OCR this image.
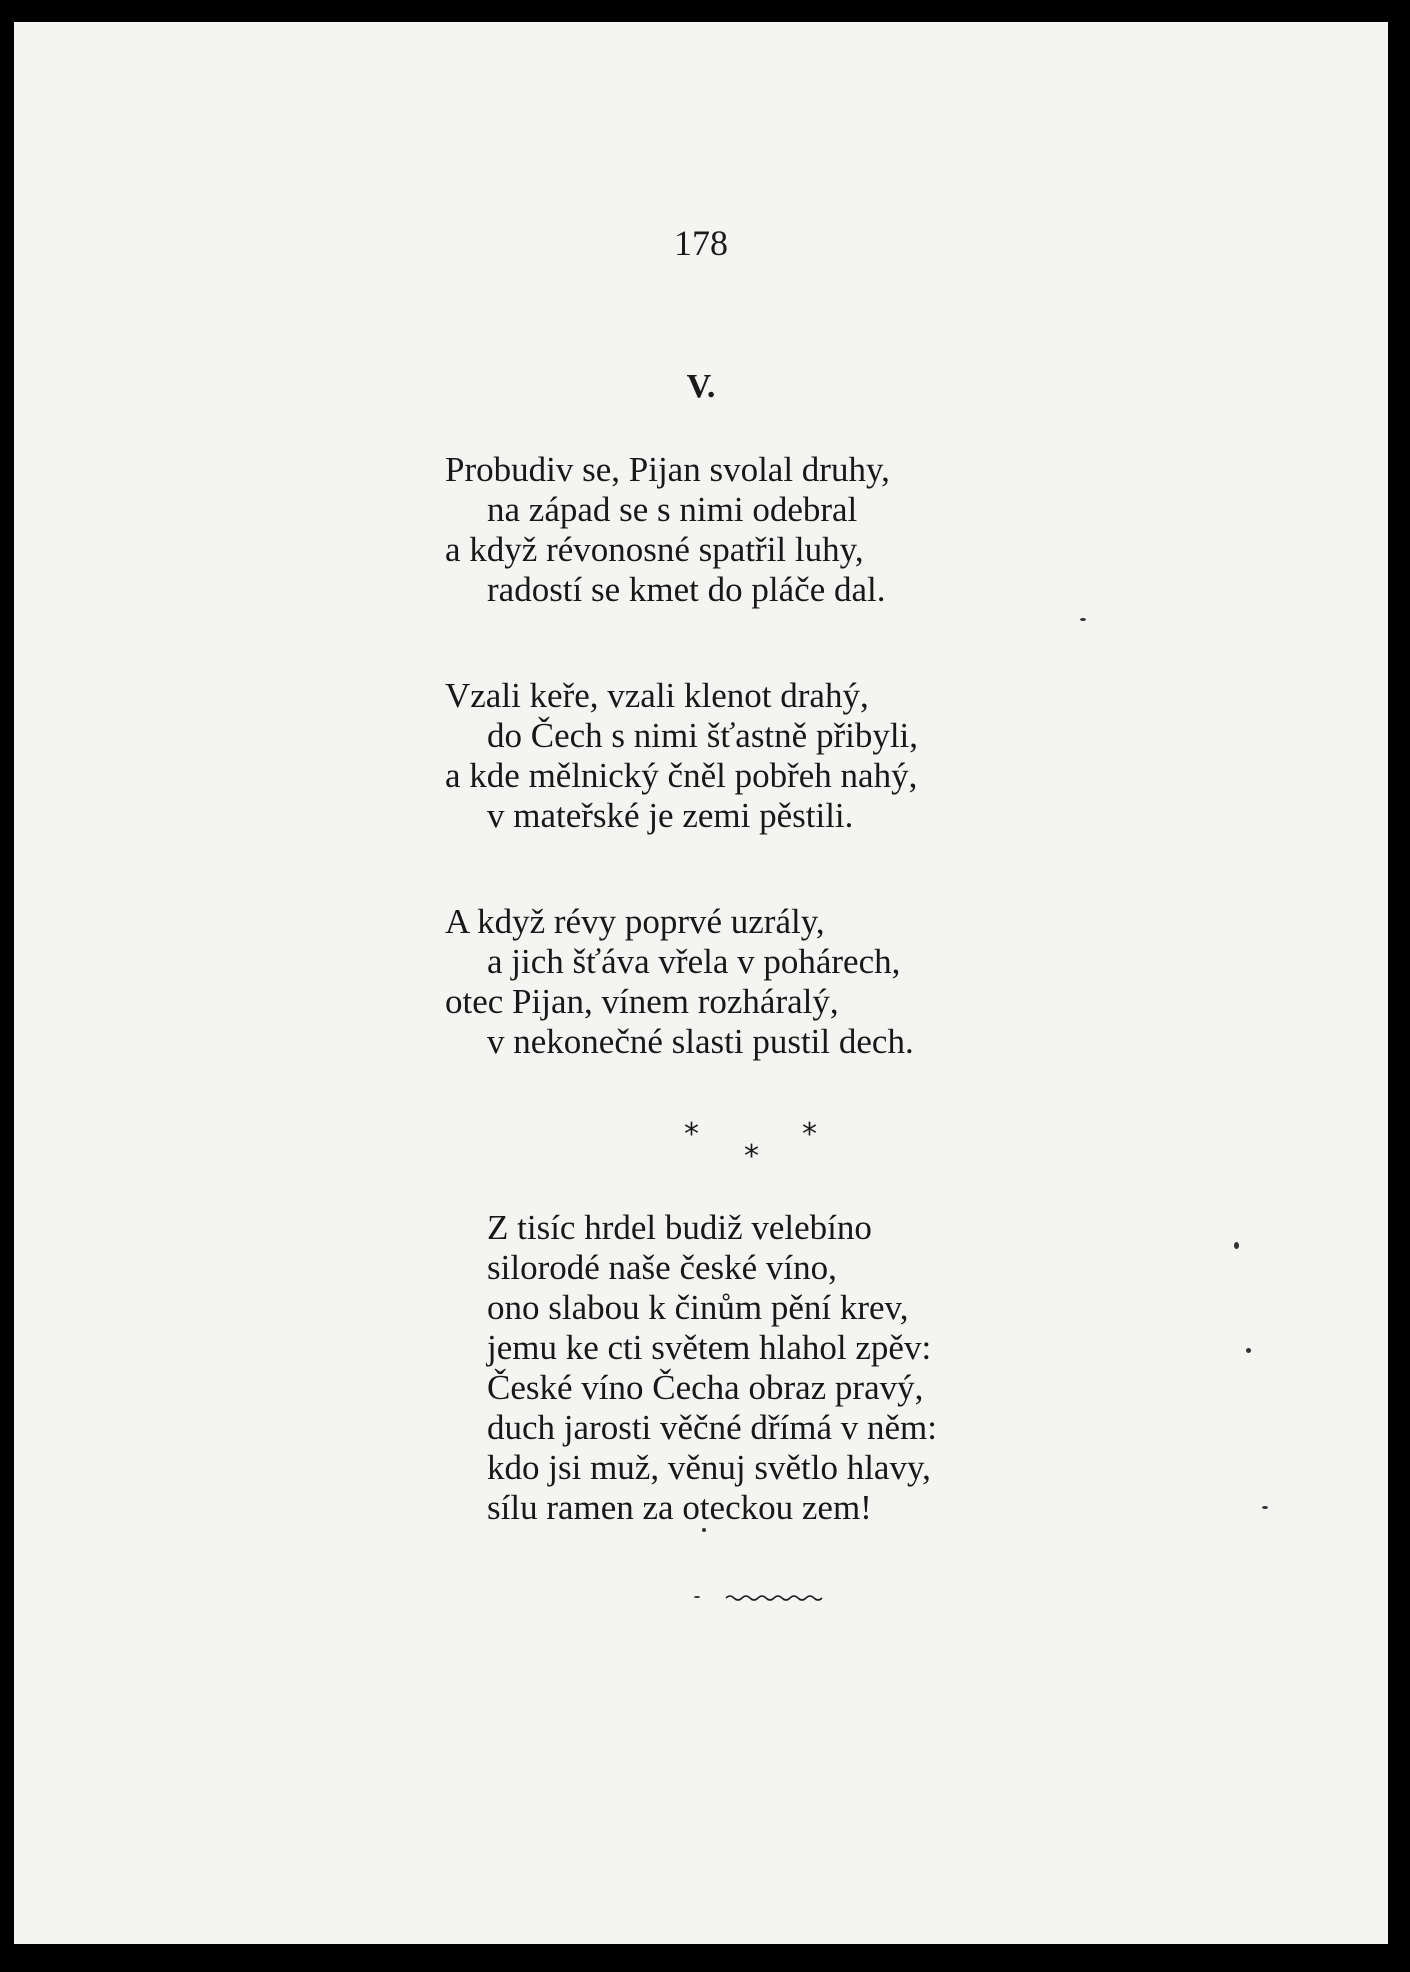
178
V.
Probudiv se, Pijan svolal druhy,
na západ se s nimi odebral
a když révonosné spatřil luhy,
radostí se kmet do pláče dal.
Vzali keře, vzali klenot drahý,
do Čech s nimi šťastně přibyli,
a kde mělnický čněl pobřeh nahý,
v mateřské je zemi pěstili.
A když révy poprvé uzrály,
a jich šťáva vřela v pohárech,
otec Pijan, vínem rozháralý,
v nekonečné slasti pustil dech.
*	*
*
Z tisíc hrdel budiž velebíno
silorodé naše české víno,
ono slabou k činům pění krev,
jemu ke cti světem hlahol zpěv:
České víno Čecha obraz pravý,
duch jarosti věčné dřímá v něm:
kdo jsi muž, věnuj světlo hlavy,
sílu ramen za oteckou zem!
